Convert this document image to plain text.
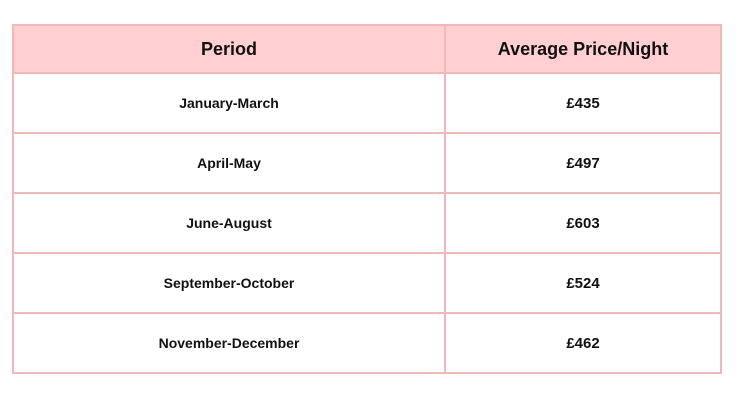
Period	Average Price/Night
January-March	£435
April-May	£497
June-August	£603
September-October	£524
November-December	£462
